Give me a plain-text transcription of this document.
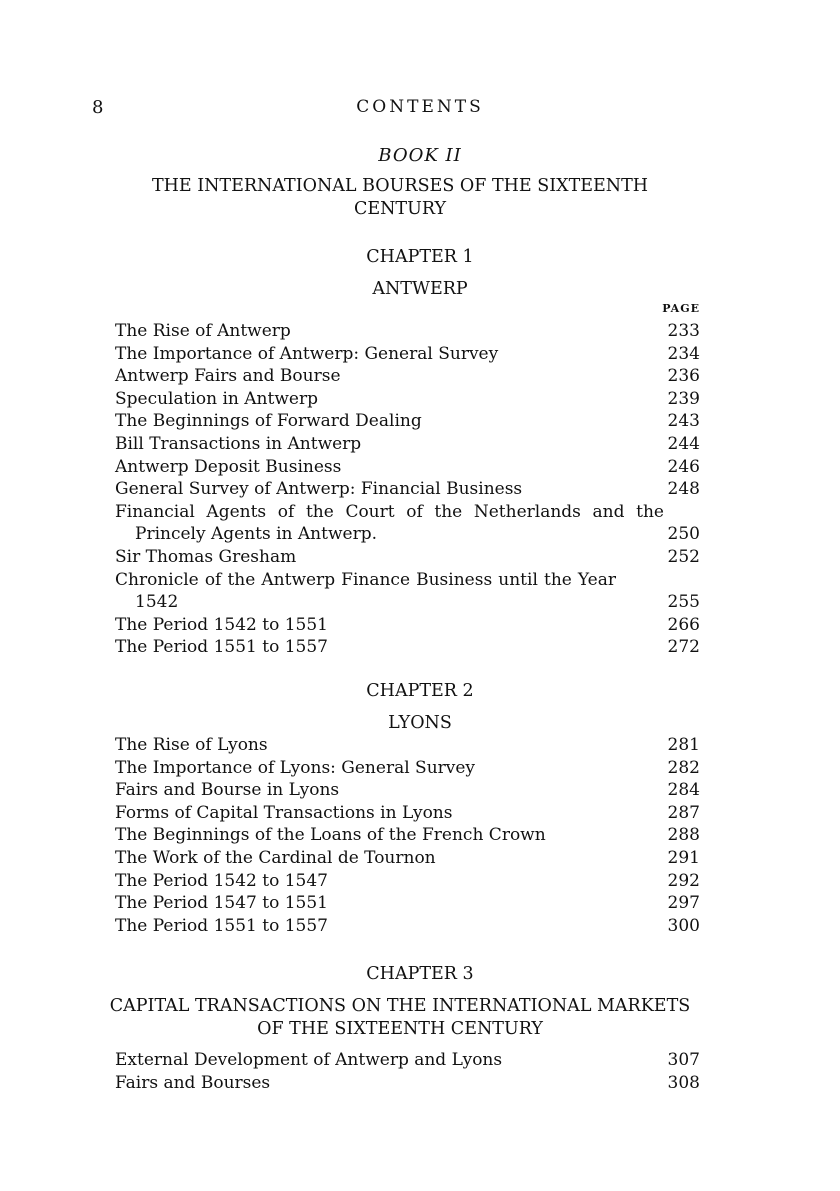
8	CONTENTS
BOOK II
THE INTERNATIONAL BOURSES OF THE SIXTEENTH
CENTURY
CHAPTER 1
ANTWERP
PAGE
The Rise of Antwerp	233
The Importance of Antwerp: General Survey	234
Antwerp Fairs and Bourse	236
Speculation in Antwerp	239
The Beginnings of Forward Dealing	243
Bill Transactions in Antwerp	244
Antwerp Deposit Business	246
General Survey of Antwerp: Financial Business	248
Financial Agents of the Court of the Netherlands and the
Princely Agents in Antwerp.	250
Sir Thomas Gresham	252
Chronicle of the Antwerp Finance Business until the Year
1542	255
The Period 1542 to 1551	266
The Period 1551 to 1557	272
CHAPTER 2
LYONS
The Rise of Lyons	281
The Importance of Lyons: General Survey	282
Fairs and Bourse in Lyons	284
Forms of Capital Transactions in Lyons	287
The Beginnings of the Loans of the French Crown	288
The Work of the Cardinal de Tournon	291
The Period 1542 to 1547	292
The Period 1547 to 1551	297
The Period 1551 to 1557	300
CHAPTER 3
CAPITAL TRANSACTIONS ON THE INTERNATIONAL MARKETS
OF THE SIXTEENTH CENTURY
External Development of Antwerp and Lyons	307
Fairs and Bourses	308
